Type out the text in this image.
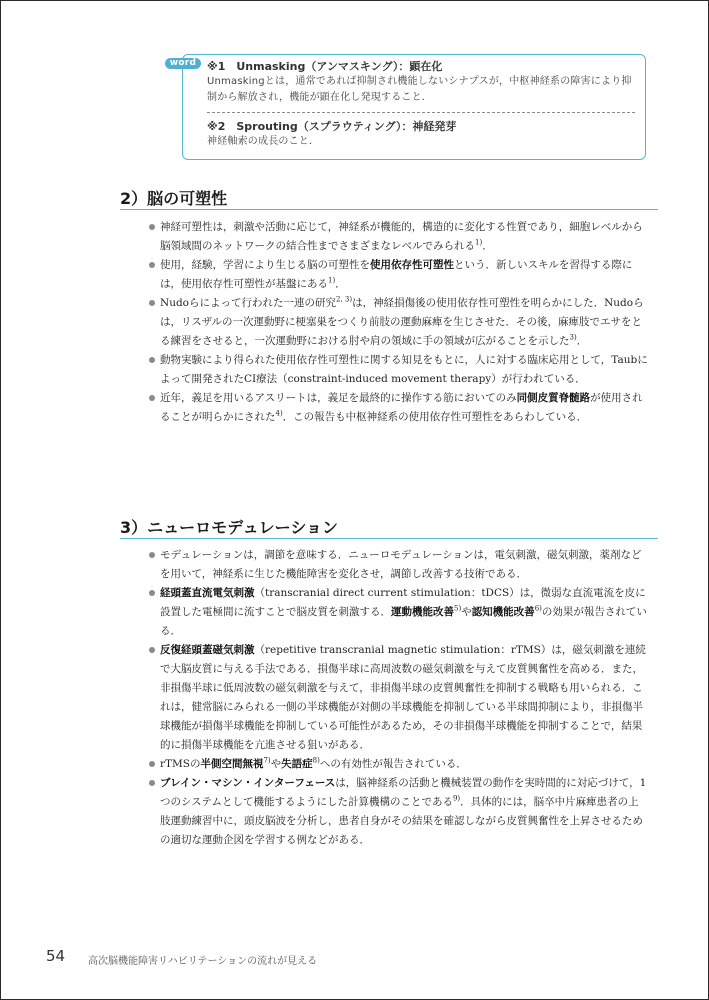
word ※1　Unmasking（アンマスキング）：顕在化
Unmaskingとは，通常であれば抑制され機能しないシナプスが，中枢神経系の障害により抑制から解放され，機能が顕在化し発現すること．
※2　Sprouting（スプラウティング）：神経発芽
神経軸索の成長のこと．
2）脳の可塑性
神経可塑性は，刺激や活動に応じて，神経系が機能的，構造的に変化する性質であり，細胞レベルから脳領域間のネットワークの結合性までさまざまなレベルでみられる$^{1)}$．
使用，経験，学習により生じる脳の可塑性を使用依存性可塑性という．新しいスキルを習得する際には，使用依存性可塑性が基盤にある$^{1)}$．
Nudoらによって行われた一連の研究$^{2, 3)}$は，神経損傷後の使用依存性可塑性を明らかにした．Nudoらは，リスザルの一次運動野に梗塞巣をつくり前肢の運動麻痺を生じさせた．その後，麻痺肢でエサをとる練習をさせると，一次運動野における肘や肩の領域に手の領域が広がることを示した$^{3)}$．
動物実験により得られた使用依存性可塑性に関する知見をもとに，人に対する臨床応用として，Taubによって開発されたCI療法（constraint-induced movement therapy）が行われている．
近年，義足を用いるアスリートは，義足を最終的に操作する筋においてのみ同側皮質脊髄路が使用されることが明らかにされた$^{4)}$．この報告も中枢神経系の使用依存性可塑性をあらわしている．
3）ニューロモデュレーション
モデュレーションは，調節を意味する．ニューロモデュレーションは，電気刺激，磁気刺激，薬剤などを用いて，神経系に生じた機能障害を変化させ，調節し改善する技術である．
経頭蓋直流電気刺激（transcranial direct current stimulation：tDCS）は，微弱な直流電流を皮に設置した電極間に流すことで脳皮質を刺激する．運動機能改善$^{5)}$や認知機能改善$^{6)}$の効果が報告されている．
反復経頭蓋磁気刺激（repetitive transcranial magnetic stimulation：rTMS）は，磁気刺激を連続で大脳皮質に与える手法である．損傷半球に高周波数の磁気刺激を与えて皮質興奮性を高める．また，非損傷半球に低周波数の磁気刺激を与えて，非損傷半球の皮質興奮性を抑制する戦略も用いられる．これは，健常脳にみられる一側の半球機能が対側の半球機能を抑制している半球間抑制により，非損傷半球機能が損傷半球機能を抑制している可能性があるため，その非損傷半球機能を抑制することで，結果的に損傷半球機能を亢進させる狙いがある．
rTMSの半側空間無視$^{7)}$や失語症$^{8)}$への有効性が報告されている．
ブレイン・マシン・インターフェースは，脳神経系の活動と機械装置の動作を実時間的に対応づけて，1つのシステムとして機能するようにした計算機構のことである$^{9)}$．具体的には，脳卒中片麻痺患者の上肢運動練習中に，頭皮脳波を分析し，患者自身がその結果を確認しながら皮質興奮性を上昇させるための適切な運動企図を学習する例などがある．
54 高次脳機能障害リハビリテーションの流れが見える
